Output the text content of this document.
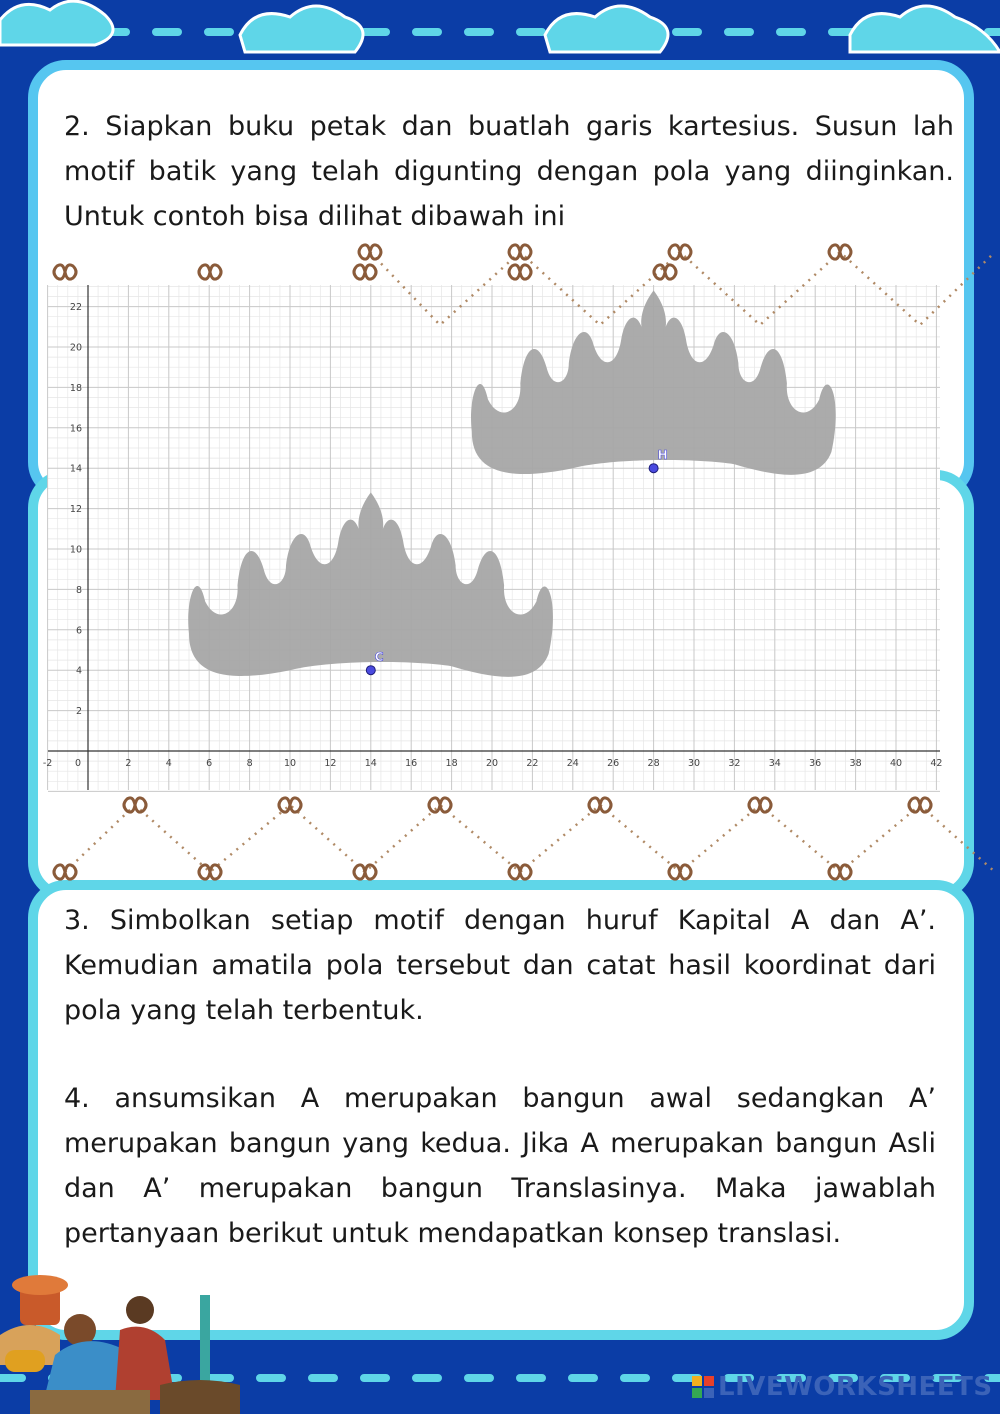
2. Siapkan buku petak dan buatlah garis kartesius. Susun lah motif batik yang telah digunting dengan pola yang diinginkan. Untuk contoh bisa dilihat dibawah ini
-2 0	2	4	6	8	10	12	14	16	18	20	22	24	26	28	30	32	34	36	38	40	42
2
4
6
8
10
12
14
16
18
20
22
C
H
3. Simbolkan setiap motif dengan huruf Kapital A dan A’. Kemudian amatila pola tersebut dan catat hasil koordinat dari pola yang telah terbentuk.
4. ansumsikan A merupakan bangun awal sedangkan A’ merupakan bangun yang kedua. Jika A merupakan bangun Asli dan A’ merupakan bangun Translasinya. Maka jawablah pertanyaan berikut untuk mendapatkan konsep translasi.
LIVEWORKSHEETS
